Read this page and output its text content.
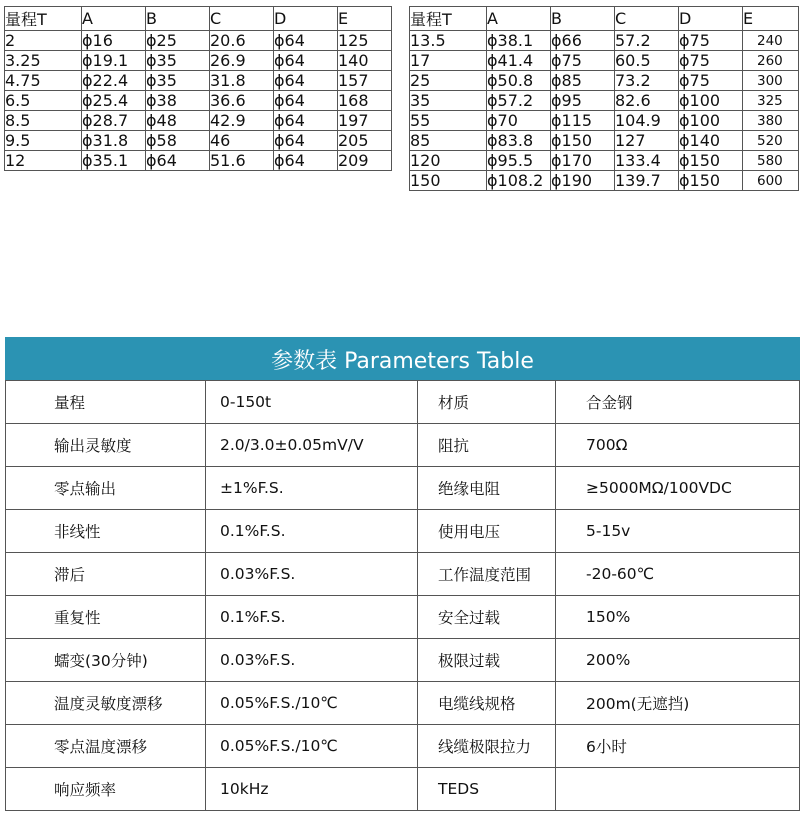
量程T	A	B	C	D	E
2	ϕ16	ϕ25	20.6	ϕ64	125
3.25	ϕ19.1	ϕ35	26.9	ϕ64	140
4.75	ϕ22.4	ϕ35	31.8	ϕ64	157
6.5	ϕ25.4	ϕ38	36.6	ϕ64	168
8.5	ϕ28.7	ϕ48	42.9	ϕ64	197
9.5	ϕ31.8	ϕ58	46	ϕ64	205
12	ϕ35.1	ϕ64	51.6	ϕ64	209
量程T	A	B	C	D	E
13.5	ϕ38.1	ϕ66	57.2	ϕ75	240
17	ϕ41.4	ϕ75	60.5	ϕ75	260
25	ϕ50.8	ϕ85	73.2	ϕ75	300
35	ϕ57.2	ϕ95	82.6	ϕ100	325
55	ϕ70	ϕ115	104.9	ϕ100	380
85	ϕ83.8	ϕ150	127	ϕ140	520
120	ϕ95.5	ϕ170	133.4	ϕ150	580
150	ϕ108.2	ϕ190	139.7	ϕ150	600
参数表 Parameters Table			
量程	0-150t	材质	合金钢
输出灵敏度	2.0/3.0±0.05mV/V	阻抗	700Ω
零点输出	±1%F.S.	绝缘电阻	≥5000MΩ/100VDC
非线性	0.1%F.S.	使用电压	5-15v
滞后	0.03%F.S.	工作温度范围	-20-60℃
重复性	0.1%F.S.	安全过载	150%
蠕变(30分钟)	0.03%F.S.	极限过载	200%
温度灵敏度漂移	0.05%F.S./10℃	电缆线规格	200m(无遮挡)
零点温度漂移	0.05%F.S./10℃	线缆极限拉力	6小时
响应频率	10kHz	TEDS	
